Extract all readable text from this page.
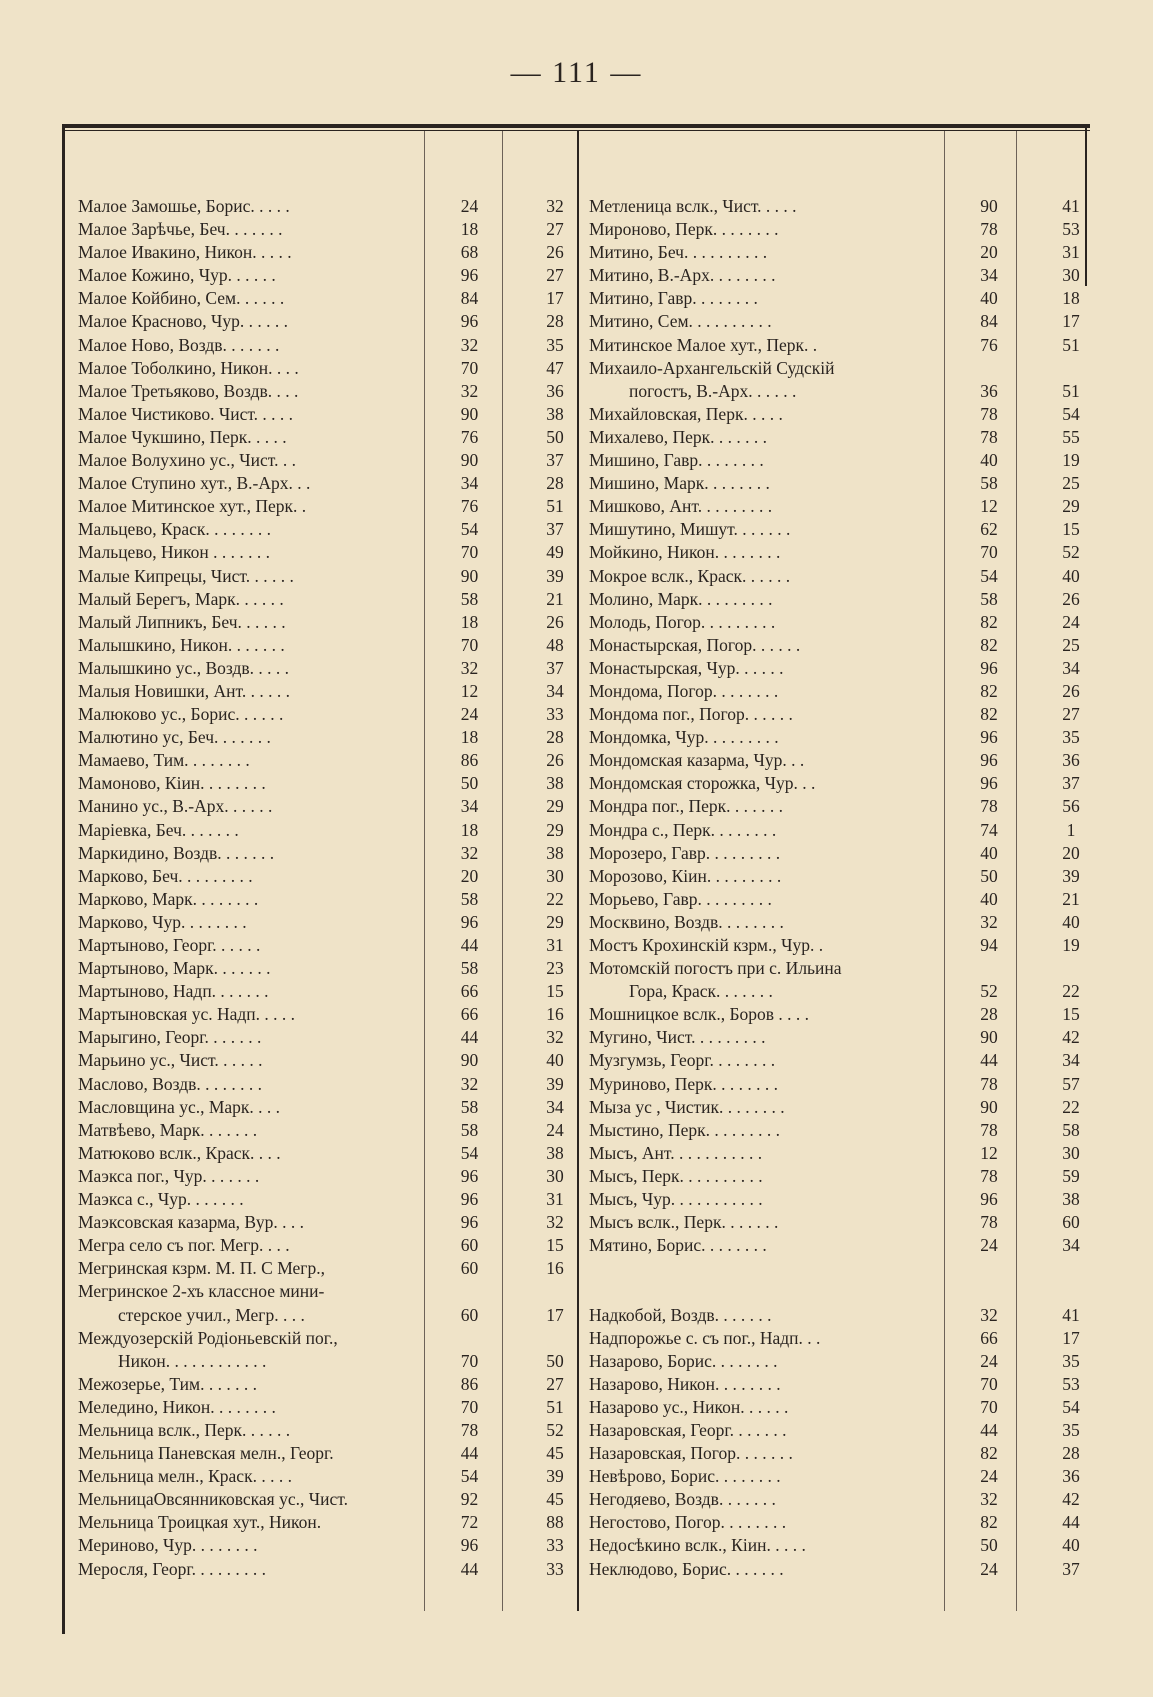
— 111 —
Малое Замошье, Борис. . . . .	24	32
Малое Зарѣчье, Беч. . . . . . .	18	27
Малое Ивакино, Никон. . . . .	68	26
Малое Кожино, Чур. . . . . .	96	27
Малое Койбино, Сем. . . . . .	84	17
Малое Краснoво, Чур. . . . . .	96	28
Малое Ново, Воздв. . . . . . .	32	35
Малое Тоболкино, Никон. . . .	70	47
Малое Третьяково, Воздв. . . .	32	36
Малое Чистиково. Чист. . . . .	90	38
Малое Чукшино, Перк. . . . .	76	50
Малое Волухино ус., Чист. . .	90	37
Малое Ступино хут., В.-Арх. . .	34	28
Малое Митинское хут., Перк. .	76	51
Мальцево, Краск. . . . . . . .	54	37
Мальцево, Никон . . . . . . .	70	49
Малые Кипрецы, Чист. . . . . .	90	39
Малый Берегъ, Марк. . . . . .	58	21
Малый Липникъ, Беч. . . . . .	18	26
Малышкино, Никон. . . . . . .	70	48
Малышкино ус., Воздв. . . . .	32	37
Малыя Новишки, Ант. . . . . .	12	34
Малюково ус., Борис. . . . . .	24	33
Малютино ус, Беч. . . . . . .	18	28
Мамаево, Тим. . . . . . . .	86	26
Мамоново, Кiин. . . . . . . .	50	38
Манино ус., В.-Арх. . . . . .	34	29
Марiевка, Беч. . . . . . .	18	29
Маркидино, Воздв. . . . . . .	32	38
Марково, Беч. . . . . . . . .	20	30
Марково, Марк. . . . . . . .	58	22
Марково, Чур. . . . . . . .	96	29
Мартыново, Георг. . . . . .	44	31
Мартыново, Марк. . . . . . .	58	23
Мартыново, Надп. . . . . . .	66	15
Мартыновская ус. Надп. . . . .	66	16
Марыгино, Георг. . . . . . .	44	32
Марьино ус., Чист. . . . . .	90	40
Маслово, Воздв. . . . . . . .	32	39
Масловщина ус., Марк. . . .	58	34
Матвѣево, Марк. . . . . . .	58	24
Матюково вслк., Краск. . . .	54	38
Маэкса пог., Чур. . . . . . .	96	30
Маэкса с., Чур. . . . . . .	96	31
Маэксовская казарма, Вур. . . .	96	32
Мегра село съ пог. Мегр. . . .	60	15
Мегринская кзрм. М. П. С Мегр.,	60	16
Мегринское 2-хъ классное мини-
стерское учил., Мегр. . . .	60	17
Междуозерскiй Родiоньевскiй пог.,
Никон. . . . . . . . . . . .	70	50
Межозерье, Тим. . . . . . .	86	27
Меледино, Никон. . . . . . . .	70	51
Мельница вслк., Перк. . . . . .	78	52
Мельница Паневская мелн., Георг.	44	45
Мельница мелн., Краск. . . . .	54	39
МельницаОвсянниковская ус., Чист.	92	45
Мельница Троицкая хут., Никон.	72	88
Мериново, Чур. . . . . . . .	96	33
Меросля, Георг. . . . . . . . .	44	33
Метленица вслк., Чист. . . . .	90	41
Мироново, Перк. . . . . . . .	78	53
Митино, Беч. . . . . . . . . .	20	31
Митино, В.-Арх. . . . . . . .	34	30
Митино, Гавр. . . . . . . .	40	18
Митино, Сем. . . . . . . . . .	84	17
Митинское Малое хут., Перк. .	76	51
Михаило-Архангельскiй Судскiй
погостъ, В.-Арх. . . . . .	36	51
Михайловская, Перк. . . . .	78	54
Михалево, Перк. . . . . . .	78	55
Мишино, Гавр. . . . . . . .	40	19
Мишино, Марк. . . . . . . .	58	25
Мишково, Ант. . . . . . . . .	12	29
Мишутино, Мишут. . . . . . .	62	15
Мойкино, Никон. . . . . . . .	70	52
Мокрое вслк., Краск. . . . . .	54	40
Молино, Марк. . . . . . . . .	58	26
Молодь, Погор. . . . . . . . .	82	24
Монастырская, Погор. . . . . .	82	25
Монастырская, Чур. . . . . .	96	34
Мондома, Погор. . . . . . . .	82	26
Мондома пог., Погор. . . . . .	82	27
Мондомка, Чур. . . . . . . . .	96	35
Мондомская казарма, Чур. . .	96	36
Мондомская сторожка, Чур. . .	96	37
Мондра пог., Перк. . . . . . .	78	56
Мондра с., Перк. . . . . . . .	74	1
Морозеро, Гавр. . . . . . . . .	40	20
Морозово, Кiин. . . . . . . . .	50	39
Морьево, Гавр. . . . . . . . .	40	21
Москвино, Воздв. . . . . . . .	32	40
Мостъ Крохинскiй кзрм., Чур. .	94	19
Мотомскiй погостъ при с. Ильина
Гора, Краск. . . . . . .	52	22
Мошницкое вслк., Боров . . . .	28	15
Мугино, Чист. . . . . . . . .	90	42
Музгумзь, Георг. . . . . . . .	44	34
Муриново, Перк. . . . . . . .	78	57
Мыза ус , Чистик. . . . . . . .	90	22
Мыстино, Перк. . . . . . . . .	78	58
Мысъ, Ант. . . . . . . . . . .	12	30
Мысъ, Перк. . . . . . . . . .	78	59
Мысъ, Чур. . . . . . . . . . .	96	38
Мысъ вслк., Перк. . . . . . .	78	60
Мятино, Борис. . . . . . . .	24	34
Надкобой, Воздв. . . . . . .	32	41
Надпорожье с. съ пог., Надп. . .	66	17
Назарово, Борис. . . . . . . .	24	35
Назарово, Никон. . . . . . . .	70	53
Назарово ус., Никон. . . . . .	70	54
Назаровская, Георг. . . . . . .	44	35
Назаровская, Погор. . . . . . .	82	28
Невѣрово, Борис. . . . . . . .	24	36
Негодяево, Воздв. . . . . . .	32	42
Негостово, Погор. . . . . . . .	82	44
Недосѣкино вслк., Кiин. . . . .	50	40
Неклюдово, Борис. . . . . . .	24	37
